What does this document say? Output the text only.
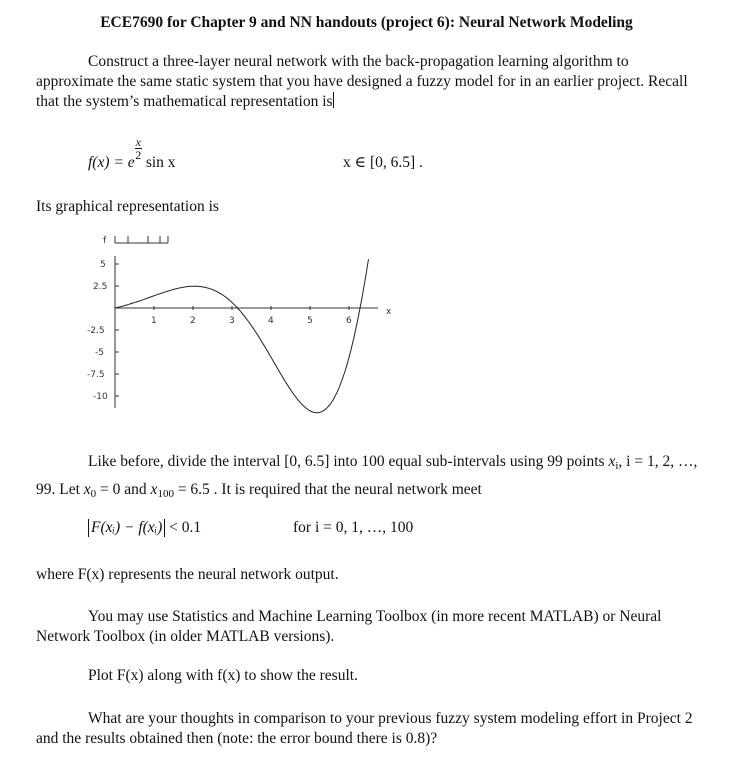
ECE7690 for Chapter 9 and NN handouts (project 6): Neural Network Modeling
Construct a three-layer neural network with the back-propagation learning algorithm to approximate the same static system that you have designed a fuzzy model for in an earlier project. Recall that the system’s mathematical representation is
f(x) = e
$\frac{x}{2}$
sin x	x ∈ [0, 6.5] .
Its graphical representation is
f
5
2.5
-2.5
-5
-7.5
-10
1	2	3	4	5	6
x
Like before, divide the interval [0, 6.5] into 100 equal sub-intervals using 99 points $x_i$, i = 1, 2, …, 99. Let $x_0 = 0$ and $x_{100} = 6.5$ . It is required that the neural network meet
F(xᵢ) − f(xᵢ) < 0.1	for i = 0, 1, …, 100
where F(x) represents the neural network output.
You may use Statistics and Machine Learning Toolbox (in more recent MATLAB) or Neural Network Toolbox (in older MATLAB versions).
Plot F(x) along with f(x) to show the result.
What are your thoughts in comparison to your previous fuzzy system modeling effort in Project 2 and the results obtained then (note: the error bound there is 0.8)?
